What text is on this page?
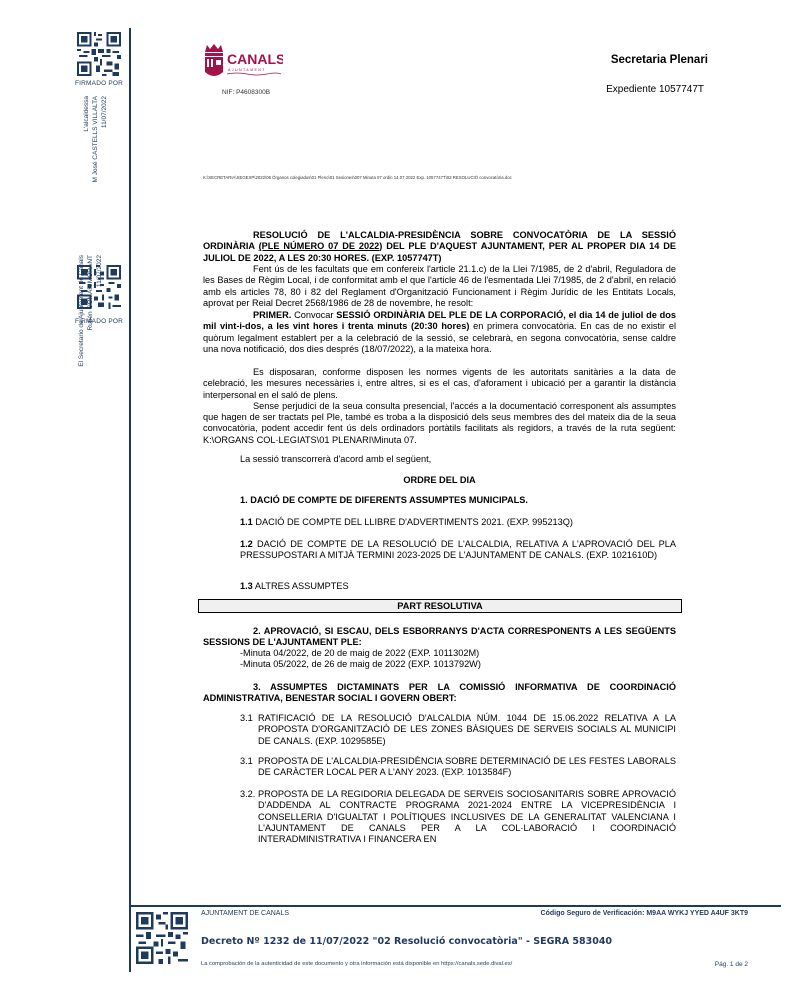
FIRMADO POR
L'alcaldessa M José CASTELLS VILLALTA 11/07/2022
FIRMADO POR
El Secretario de Ajuntament de Canals Rubén GOMAR MORANT 11/07/2022
CANALS
AJUNTAMENT
NIF: P4608300B
Secretaria Plenari
Expediente 1057747T
K:\SECRETARIA\SEGEXP\2022\06 Órganos colegiados\01 Pleno\01 Sesiones\007 Minuta 07 ordin 14.07.2022 Exp. 1057747T\02 RESOLUCIÓ convocatòria.doc
RESOLUCIÓ DE L'ALCALDIA-PRESIDÈNCIA SOBRE CONVOCATÒRIA DE LA SESSIÓ ORDINÀRIA (PLE NÚMERO 07 DE 2022) DEL PLE D'AQUEST AJUNTAMENT, PER AL PROPER DIA 14 DE JULIOL DE 2022, A LES 20:30 HORES. (EXP. 1057747T)
Fent ús de les facultats que em confereix l'article 21.1.c) de la Llei 7/1985, de 2 d'abril, Reguladora de les Bases de Règim Local, i de conformitat amb el que l'article 46 de l'esmentada Llei 7/1985, de 2 d'abril, en relació amb els articles 78, 80 i 82 del Reglament d'Organització Funcionament i Règim Jurídic de les Entitats Locals, aprovat per Reial Decret 2568/1986 de 28 de novembre, he resolt:
PRIMER. Convocar SESSIÓ ORDINÀRIA DEL PLE DE LA CORPORACIÓ, el dia 14 de juliol de dos mil vint-i-dos, a les vint hores i trenta minuts (20:30 hores) en primera convocatòria. En cas de no existir el quòrum legalment establert per a la celebració de la sessió, se celebrarà, en segona convocatòria, sense caldre una nova notificació, dos dies després (18/07/2022), a la mateixa hora.
Es disposaran, conforme disposen les normes vigents de les autoritats sanitàries a la data de celebració, les mesures necessàries i, entre altres, si es el cas, d'aforament i ubicació per a garantir la distància interpersonal en el saló de plens.
Sense perjudici de la seua consulta presencial, l'accés a la documentació corresponent als assumptes que hagen de ser tractats pel Ple, també es troba a la disposició dels seus membres des del mateix dia de la seua convocatòria, podent accedir fent ús dels ordinadors portàtils facilitats als regidors, a través de la ruta següent: K:\ORGANS COL·LEGIATS\01 PLENARI\Minuta 07.
La sessió transcorrerà d'acord amb el següent,
ORDRE DEL DIA
1. DACIÓ DE COMPTE DE DIFERENTS ASSUMPTES MUNICIPALS.
1.1 DACIÓ DE COMPTE DEL LLIBRE D'ADVERTIMENTS 2021. (EXP. 995213Q)
1.2 DACIÓ DE COMPTE DE LA RESOLUCIÓ DE L'ALCALDIA, RELATIVA A L'APROVACIÓ DEL PLA PRESSUPOSTARI A MITJÀ TERMINI 2023-2025 DE L'AJUNTAMENT DE CANALS. (EXP. 1021610D)
1.3 ALTRES ASSUMPTES
PART RESOLUTIVA
2. APROVACIÓ, SI ESCAU, DELS ESBORRANYS D'ACTA CORRESPONENTS A LES SEGÜENTS SESSIONS DE L'AJUNTAMENT PLE:
-Minuta 04/2022, de 20 de maig de 2022 (EXP. 1011302M)
-Minuta 05/2022, de 26 de maig de 2022 (EXP. 1013792W)
3. ASSUMPTES DICTAMINATS PER LA COMISSIÓ INFORMATIVA DE COORDINACIÓ ADMINISTRATIVA, BENESTAR SOCIAL I GOVERN OBERT:
3.1 RATIFICACIÓ DE LA RESOLUCIÓ D'ALCALDIA NÚM. 1044 DE 15.06.2022 RELATIVA A LA PROPOSTA D'ORGANITZACIÓ DE LES ZONES BÀSIQUES DE SERVEIS SOCIALS AL MUNICIPI DE CANALS. (EXP. 1029585E)
3.1 PROPOSTA DE L'ALCALDIA-PRESIDÈNCIA SOBRE DETERMINACIÓ DE LES FESTES LABORALS DE CARÀCTER LOCAL PER A L'ANY 2023. (EXP. 1013584F)
3.2. PROPOSTA DE LA REGIDORIA DELEGADA DE SERVEIS SOCIOSANITARIS SOBRE APROVACIÓ D'ADDENDA AL CONTRACTE PROGRAMA 2021-2024 ENTRE LA VICEPRESIDÈNCIA I CONSELLERIA D'IGUALTAT I POLÍTIQUES INCLUSIVES DE LA GENERALITAT VALENCIANA I L'AJUNTAMENT DE CANALS PER A LA COL·LABORACIÓ I COORDINACIÓ INTERADMINISTRATIVA I FINANCERA EN
AJUNTAMENT DE CANALS	Código Seguro de Verificación: M9AA WYKJ YYED A4UF 3KT9
Decreto Nº 1232 de 11/07/2022 "02 Resolució convocatòria" - SEGRA 583040
La comprobación de la autenticidad de este documento y otra información está disponible en https://canals.sede.dival.es/	Pág. 1 de 2
